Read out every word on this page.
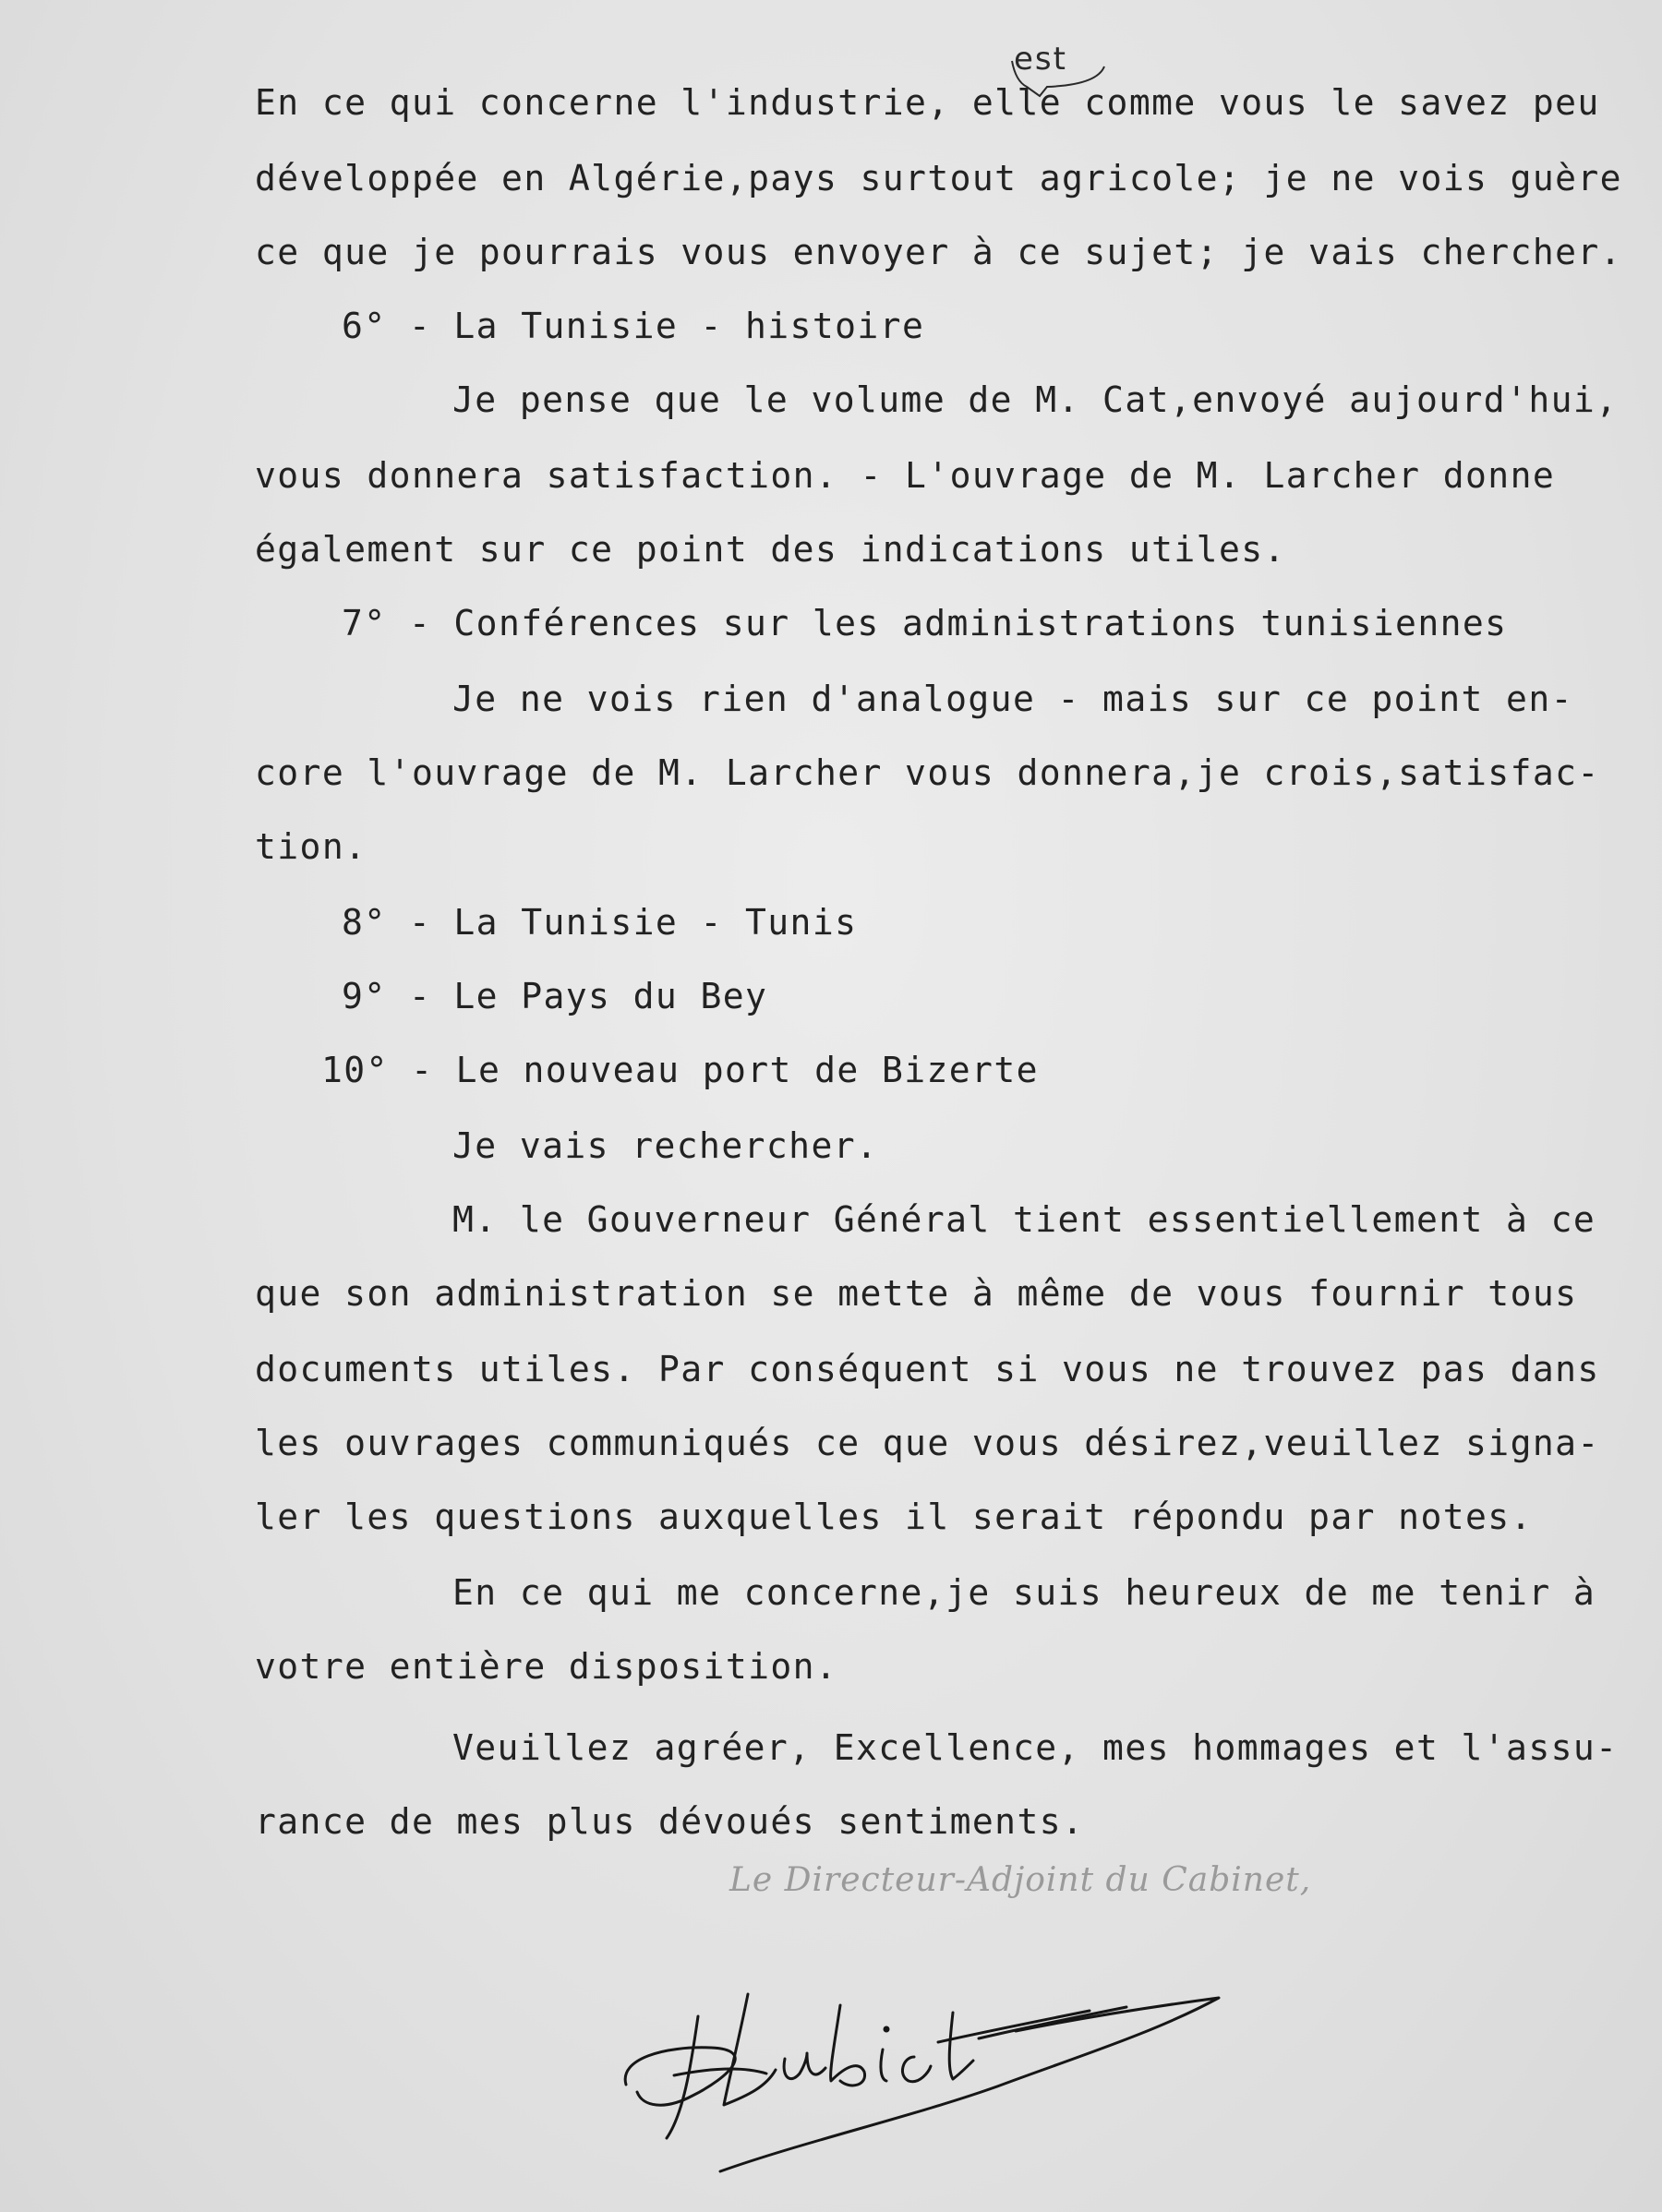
est
En ce qui concerne l'industrie, elle comme vous le savez peu
développée en Algérie,pays surtout agricole; je ne vois guère
ce que je pourrais vous envoyer à ce sujet; je vais chercher.
6° - La Tunisie - histoire
Je pense que le volume de M. Cat,envoyé aujourd'hui,
vous donnera satisfaction. - L'ouvrage de M. Larcher donne
également sur ce point des indications utiles.
7° - Conférences sur les administrations tunisiennes
Je ne vois rien d'analogue - mais sur ce point en-
core l'ouvrage de M. Larcher vous donnera,je crois,satisfac-
tion.
8° - La Tunisie - Tunis
9° - Le Pays du Bey
10° - Le nouveau port de Bizerte
Je vais rechercher.
M. le Gouverneur Général tient essentiellement à ce
que son administration se mette à même de vous fournir tous
documents utiles. Par conséquent si vous ne trouvez pas dans
les ouvrages communiqués ce que vous désirez,veuillez signa-
ler les questions auxquelles il serait répondu par notes.
En ce qui me concerne,je suis heureux de me tenir à
votre entière disposition.
Veuillez agréer, Excellence, mes hommages et l'assu-
rance de mes plus dévoués sentiments.
Le Directeur-Adjoint du Cabinet,
